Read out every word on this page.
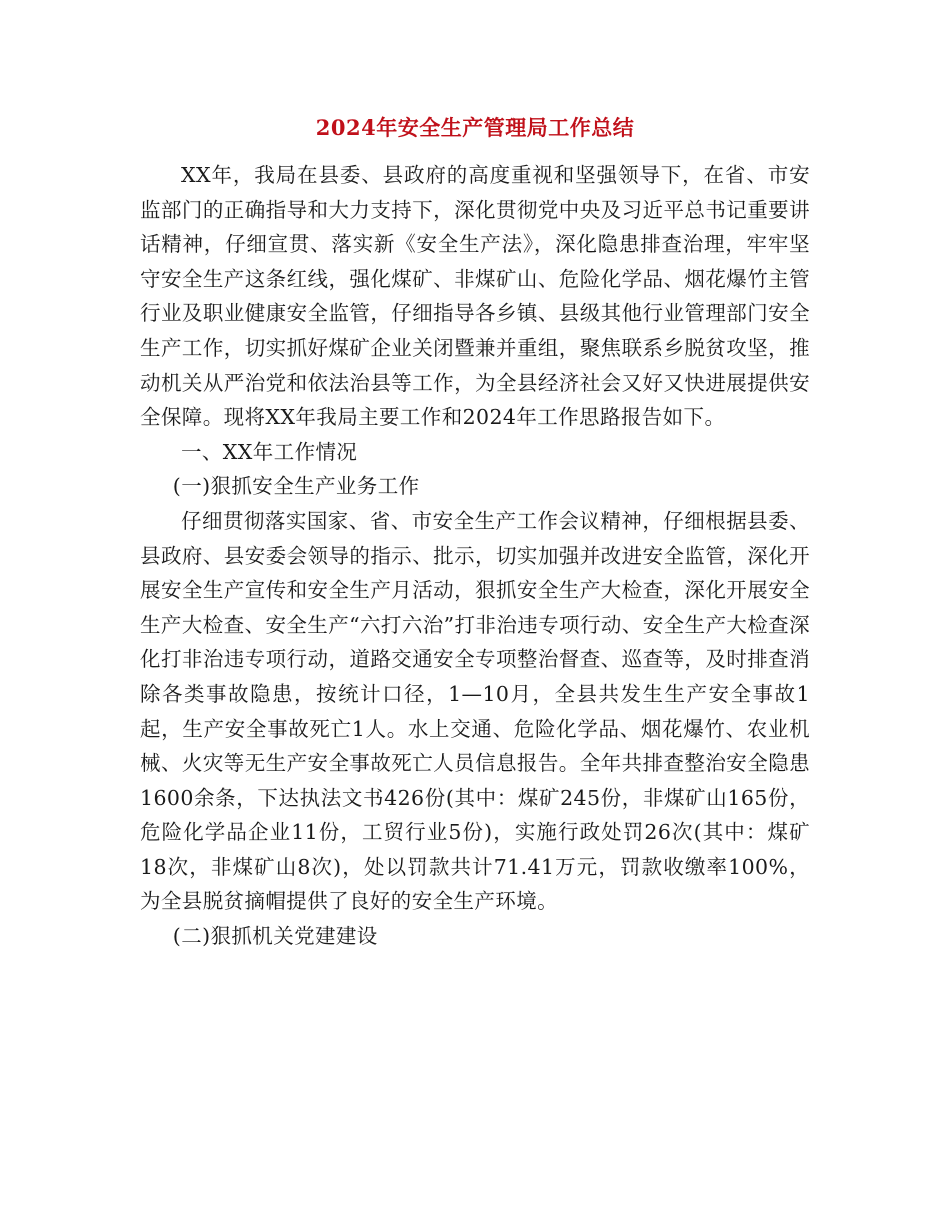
2024年安全生产管理局工作总结

XX年，我局在县委、县政府的高度重视和坚强领导下，在省、市安监部门的正确指导和大力支持下，深化贯彻党中央及习近平总书记重要讲话精神，仔细宣贯、落实新《安全生产法》，深化隐患排查治理，牢牢坚守安全生产这条红线，强化煤矿、非煤矿山、危险化学品、烟花爆竹主管行业及职业健康安全监管，仔细指导各乡镇、县级其他行业管理部门安全生产工作，切实抓好煤矿企业关闭暨兼并重组，聚焦联系乡脱贫攻坚，推动机关从严治党和依法治县等工作，为全县经济社会又好又快进展提供安全保障。现将XX年我局主要工作和2024年工作思路报告如下。

一、XX年工作情况

(一)狠抓安全生产业务工作

仔细贯彻落实国家、省、市安全生产工作会议精神，仔细根据县委、县政府、县安委会领导的指示、批示，切实加强并改进安全监管，深化开展安全生产宣传和安全生产月活动，狠抓安全生产大检查，深化开展安全生产大检查、安全生产“六打六治”打非治违专项行动、安全生产大检查深化打非治违专项行动，道路交通安全专项整治督查、巡查等，及时排查消除各类事故隐患，按统计口径，1—10月，全县共发生生产安全事故1起，生产安全事故死亡1人。水上交通、危险化学品、烟花爆竹、农业机械、火灾等无生产安全事故死亡人员信息报告。全年共排查整治安全隐患1600余条，下达执法文书426份(其中：煤矿245份，非煤矿山165份，危险化学品企业11份，工贸行业5份)，实施行政处罚26次(其中：煤矿18次，非煤矿山8次)，处以罚款共计71.41万元，罚款收缴率100%，为全县脱贫摘帽提供了良好的安全生产环境。

(二)狠抓机关党建建设
